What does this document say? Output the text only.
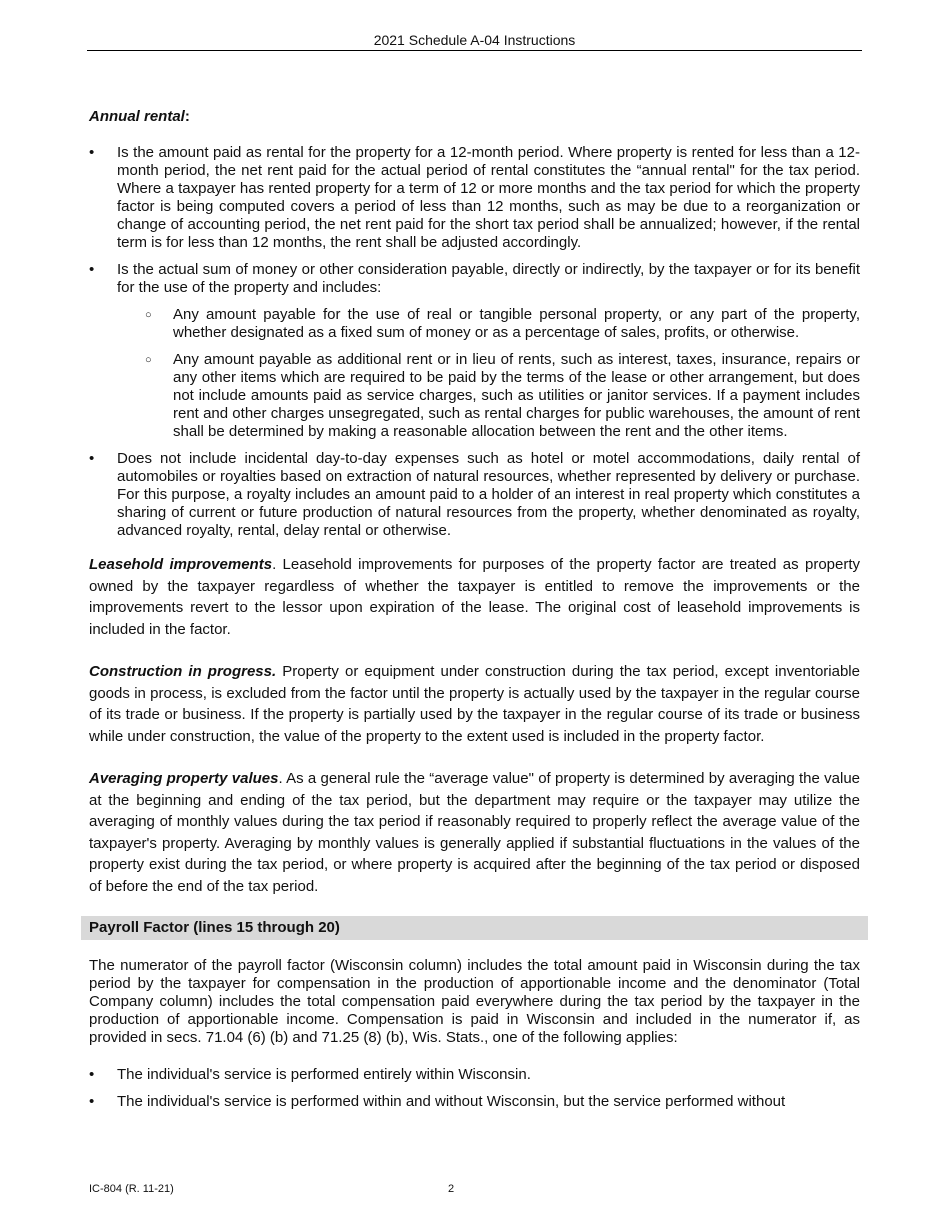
2021 Schedule A-04 Instructions
Annual rental:
• Is the amount paid as rental for the property for a 12-month period. Where property is rented for less than a 12-month period, the net rent paid for the actual period of rental constitutes the “annual rental" for the tax period. Where a taxpayer has rented property for a term of 12 or more months and the tax period for which the property factor is being computed covers a period of less than 12 months, such as may be due to a reorganization or change of accounting period, the net rent paid for the short tax period shall be annualized; however, if the rental term is for less than 12 months, the rent shall be adjusted accordingly.
• Is the actual sum of money or other consideration payable, directly or indirectly, by the taxpayer or for its benefit for the use of the property and includes:
○ Any amount payable for the use of real or tangible personal property, or any part of the property, whether designated as a fixed sum of money or as a percentage of sales, profits, or otherwise.
○ Any amount payable as additional rent or in lieu of rents, such as interest, taxes, insurance, repairs or any other items which are required to be paid by the terms of the lease or other arrangement, but does not include amounts paid as service charges, such as utilities or janitor services. If a payment includes rent and other charges unsegregated, such as rental charges for public warehouses, the amount of rent shall be determined by making a reasonable allocation between the rent and the other items.
• Does not include incidental day-to-day expenses such as hotel or motel accommodations, daily rental of automobiles or royalties based on extraction of natural resources, whether represented by delivery or purchase. For this purpose, a royalty includes an amount paid to a holder of an interest in real property which constitutes a sharing of current or future production of natural resources from the property, whether denominated as royalty, advanced royalty, rental, delay rental or otherwise.

Leasehold improvements. Leasehold improvements for purposes of the property factor are treated as property owned by the taxpayer regardless of whether the taxpayer is entitled to remove the improvements or the improvements revert to the lessor upon expiration of the lease. The original cost of leasehold improvements is included in the factor.

Construction in progress. Property or equipment under construction during the tax period, except inventoriable goods in process, is excluded from the factor until the property is actually used by the taxpayer in the regular course of its trade or business. If the property is partially used by the taxpayer in the regular course of its trade or business while under construction, the value of the property to the extent used is included in the property factor.

Averaging property values. As a general rule the “average value" of property is determined by averaging the value at the beginning and ending of the tax period, but the department may require or the taxpayer may utilize the averaging of monthly values during the tax period if reasonably required to properly reflect the average value of the taxpayer's property. Averaging by monthly values is generally applied if substantial fluctuations in the values of the property exist during the tax period, or where property is acquired after the beginning of the tax period or disposed of before the end of the tax period.

Payroll Factor (lines 15 through 20)

The numerator of the payroll factor (Wisconsin column) includes the total amount paid in Wisconsin during the tax period by the taxpayer for compensation in the production of apportionable income and the denominator (Total Company column) includes the total compensation paid everywhere during the tax period by the taxpayer in the production of apportionable income. Compensation is paid in Wisconsin and included in the numerator if, as provided in secs. 71.04 (6) (b) and 71.25 (8) (b), Wis. Stats., one of the following applies:

• The individual's service is performed entirely within Wisconsin.
• The individual's service is performed within and without Wisconsin, but the service performed without
IC-804 (R. 11-21)	2
